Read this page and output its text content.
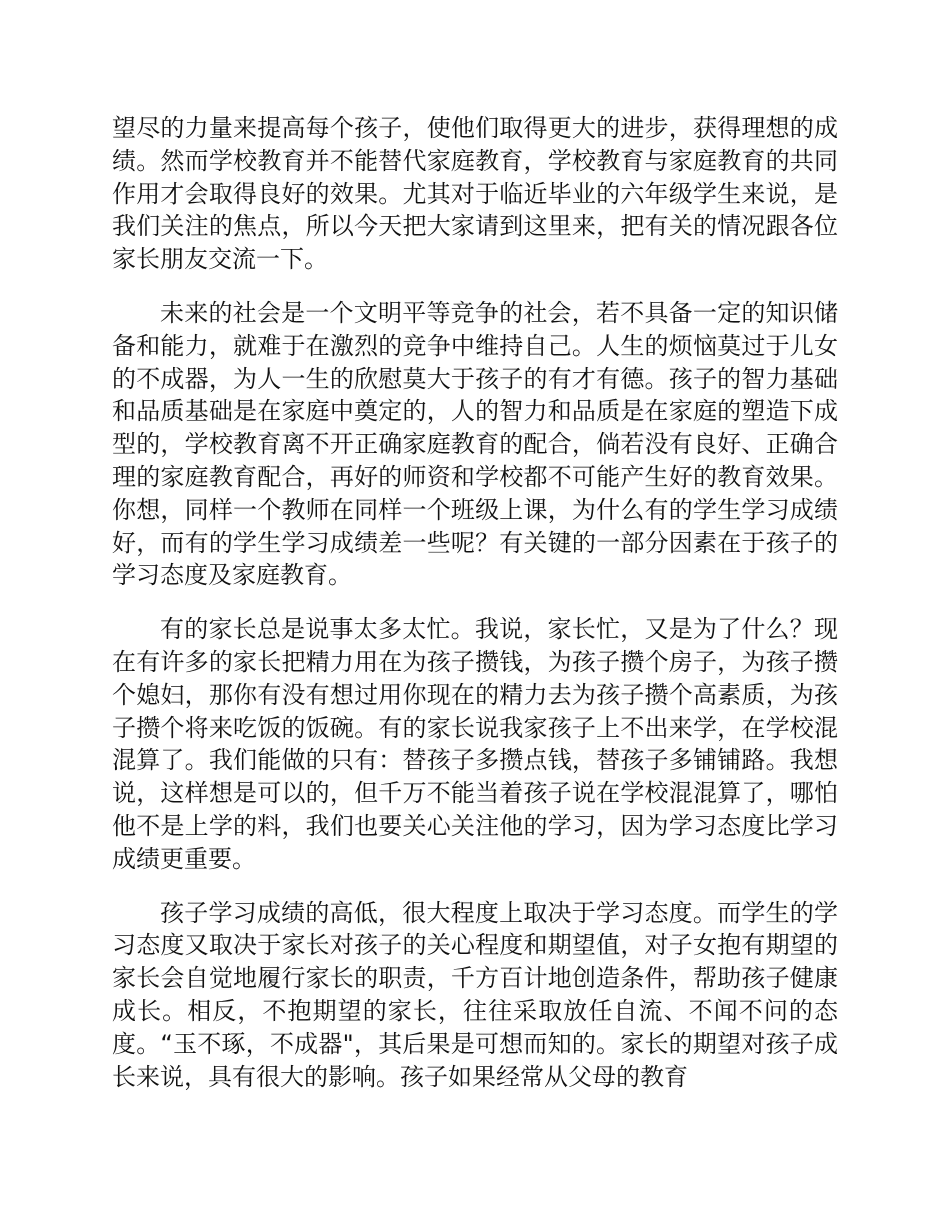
望尽的力量来提高每个孩子，使他们取得更大的进步，获得理想的成绩。然而学校教育并不能替代家庭教育，学校教育与家庭教育的共同作用才会取得良好的效果。尤其对于临近毕业的六年级学生来说，是我们关注的焦点，所以今天把大家请到这里来，把有关的情况跟各位家长朋友交流一下。

未来的社会是一个文明平等竞争的社会，若不具备一定的知识储备和能力，就难于在激烈的竞争中维持自己。人生的烦恼莫过于儿女的不成器，为人一生的欣慰莫大于孩子的有才有德。孩子的智力基础和品质基础是在家庭中奠定的，人的智力和品质是在家庭的塑造下成型的，学校教育离不开正确家庭教育的配合，倘若没有良好、正确合理的家庭教育配合，再好的师资和学校都不可能产生好的教育效果。你想，同样一个教师在同样一个班级上课，为什么有的学生学习成绩好，而有的学生学习成绩差一些呢？有关键的一部分因素在于孩子的学习态度及家庭教育。

有的家长总是说事太多太忙。我说，家长忙，又是为了什么？现在有许多的家长把精力用在为孩子攒钱，为孩子攒个房子，为孩子攒个媳妇，那你有没有想过用你现在的精力去为孩子攒个高素质，为孩子攒个将来吃饭的饭碗。有的家长说我家孩子上不出来学，在学校混混算了。我们能做的只有：替孩子多攒点钱，替孩子多铺铺路。我想说，这样想是可以的，但千万不能当着孩子说在学校混混算了，哪怕他不是上学的料，我们也要关心关注他的学习，因为学习态度比学习成绩更重要。

孩子学习成绩的高低，很大程度上取决于学习态度。而学生的学习态度又取决于家长对孩子的关心程度和期望值，对子女抱有期望的家长会自觉地履行家长的职责，千方百计地创造条件，帮助孩子健康成长。相反，不抱期望的家长，往往采取放任自流、不闻不问的态度。“玉不琢，不成器"，其后果是可想而知的。家长的期望对孩子成长来说，具有很大的影响。孩子如果经常从父母的教育
